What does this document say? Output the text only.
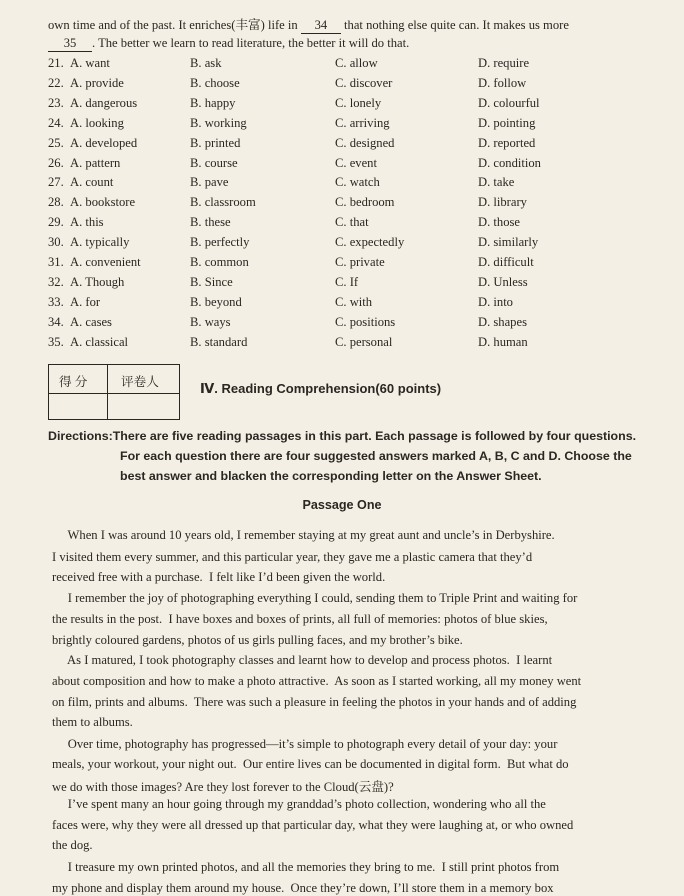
own time and of the past. It enriches(丰富) life in 34 that nothing else quite can. It makes us more
35 . The better we learn to read literature, the better it will do that.
21. A. want	B. ask	C. allow	D. require
22. A. provide	B. choose	C. discover	D. follow
23. A. dangerous	B. happy	C. lonely	D. colourful
24. A. looking	B. working	C. arriving	D. pointing
25. A. developed	B. printed	C. designed	D. reported
26. A. pattern	B. course	C. event	D. condition
27. A. count	B. pave	C. watch	D. take
28. A. bookstore	B. classroom	C. bedroom	D. library
29. A. this	B. these	C. that	D. those
30. A. typically	B. perfectly	C. expectedly	D. similarly
31. A. convenient	B. common	C. private	D. difficult
32. A. Though	B. Since	C. If	D. Unless
33. A. for	B. beyond	C. with	D. into
34. A. cases	B. ways	C. positions	D. shapes
35. A. classical	B. standard	C. personal	D. human
得 分	评卷人	Ⅳ. Reading Comprehension(60 points)
Directions:There are five reading passages in this part. Each passage is followed by four questions.
For each question there are four suggested answers marked A, B, C and D. Choose the
best answer and blacken the corresponding letter on the Answer Sheet.
Passage One
When I was around 10 years old, I remember staying at my great aunt and uncle’s in Derbyshire.
I visited them every summer, and this particular year, they gave me a plastic camera that they’d
received free with a purchase.  I felt like I’d been given the world.
I remember the joy of photographing everything I could, sending them to Triple Print and waiting for
the results in the post.  I have boxes and boxes of prints, all full of memories: photos of blue skies,
brightly coloured gardens, photos of us girls pulling faces, and my brother’s bike.
As I matured, I took photography classes and learnt how to develop and process photos.  I learnt
about composition and how to make a photo attractive.  As soon as I started working, all my money went
on film, prints and albums.  There was such a pleasure in feeling the photos in your hands and of adding
them to albums.
Over time, photography has progressed—it’s simple to photograph every detail of your day: your
meals, your workout, your night out.  Our entire lives can be documented in digital form.  But what do
we do with those images? Are they lost forever to the Cloud(云盘)?
I’ve spent many an hour going through my granddad’s photo collection, wondering who all the
faces were, why they were all dressed up that particular day, what they were laughing at, or who owned
the dog.
I treasure my own printed photos, and all the memories they bring to me.  I still print photos from
my phone and display them around my house.  Once they’re down, I’ll store them in a memory box
